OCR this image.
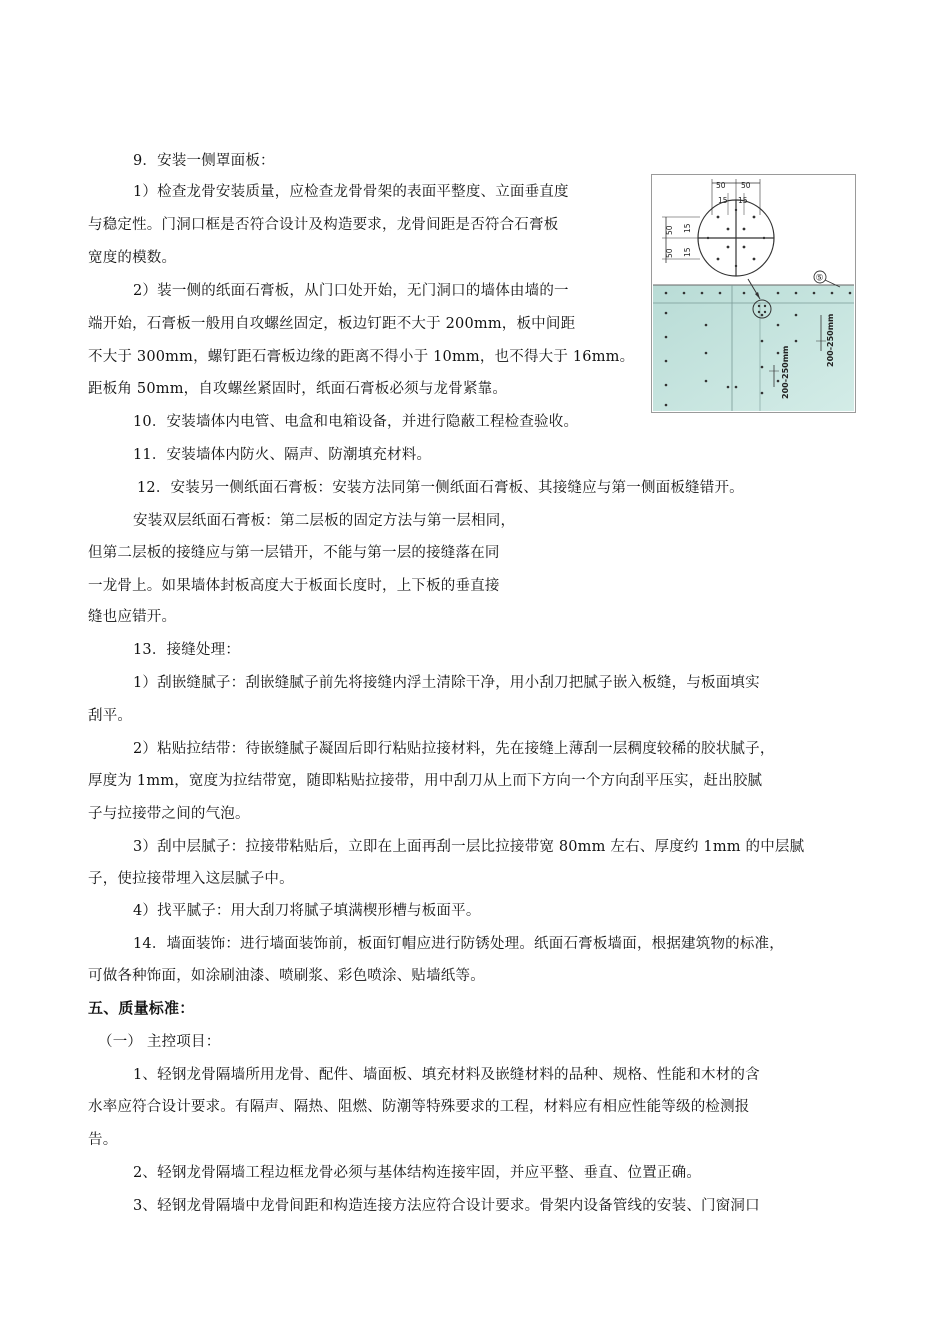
9．安装一侧罩面板：
1）检查龙骨安装质量，应检查龙骨骨架的表面平整度、立面垂直度
与稳定性。门洞口框是否符合设计及构造要求，龙骨间距是否符合石膏板
宽度的模数。
2）装一侧的纸面石膏板，从门口处开始，无门洞口的墙体由墙的一
端开始，石膏板一般用自攻螺丝固定，板边钉距不大于 200mm，板中间距
不大于 300mm，螺钉距石膏板边缘的距离不得小于 10mm，也不得大于 16mm。
距板角 50mm，自攻螺丝紧固时，纸面石膏板必须与龙骨紧靠。
10．安装墙体内电管、电盒和电箱设备，并进行隐蔽工程检查验收。
11．安装墙体内防火、隔声、防潮填充材料。
12．安装另一侧纸面石膏板：安装方法同第一侧纸面石膏板、其接缝应与第一侧面板缝错开。
安装双层纸面石膏板：第二层板的固定方法与第一层相同，
但第二层板的接缝应与第一层错开，不能与第一层的接缝落在同
一龙骨上。如果墙体封板高度大于板面长度时，上下板的垂直接
缝也应错开。
13．接缝处理：
1）刮嵌缝腻子：刮嵌缝腻子前先将接缝内浮土清除干净，用小刮刀把腻子嵌入板缝，与板面填实
刮平。
2）粘贴拉结带：待嵌缝腻子凝固后即行粘贴拉接材料，先在接缝上薄刮一层稠度较稀的胶状腻子，
厚度为 1mm，宽度为拉结带宽，随即粘贴拉接带，用中刮刀从上而下方向一个方向刮平压实，赶出胶腻
子与拉接带之间的气泡。
3）刮中层腻子：拉接带粘贴后，立即在上面再刮一层比拉接带宽 80mm 左右、厚度约 1mm 的中层腻
子，使拉接带埋入这层腻子中。
4）找平腻子：用大刮刀将腻子填满楔形槽与板面平。
14．墙面装饰：进行墙面装饰前，板面钉帽应进行防锈处理。纸面石膏板墙面，根据建筑物的标准，
可做各种饰面，如涂刷油漆、喷刷浆、彩色喷涂、贴墙纸等。
五、质量标准：
（一） 主控项目：
1、轻钢龙骨隔墙所用龙骨、配件、墙面板、填充材料及嵌缝材料的品种、规格、性能和木材的含
水率应符合设计要求。有隔声、隔热、阻燃、防潮等特殊要求的工程，材料应有相应性能等级的检测报
告。
2、轻钢龙骨隔墙工程边框龙骨必须与基体结构连接牢固，并应平整、垂直、位置正确。
3、轻钢龙骨隔墙中龙骨间距和构造连接方法应符合设计要求。骨架内设备管线的安装、门窗洞口
50 50
15 15
50
50
15
15
⑤
200-250mm
200-250mm
